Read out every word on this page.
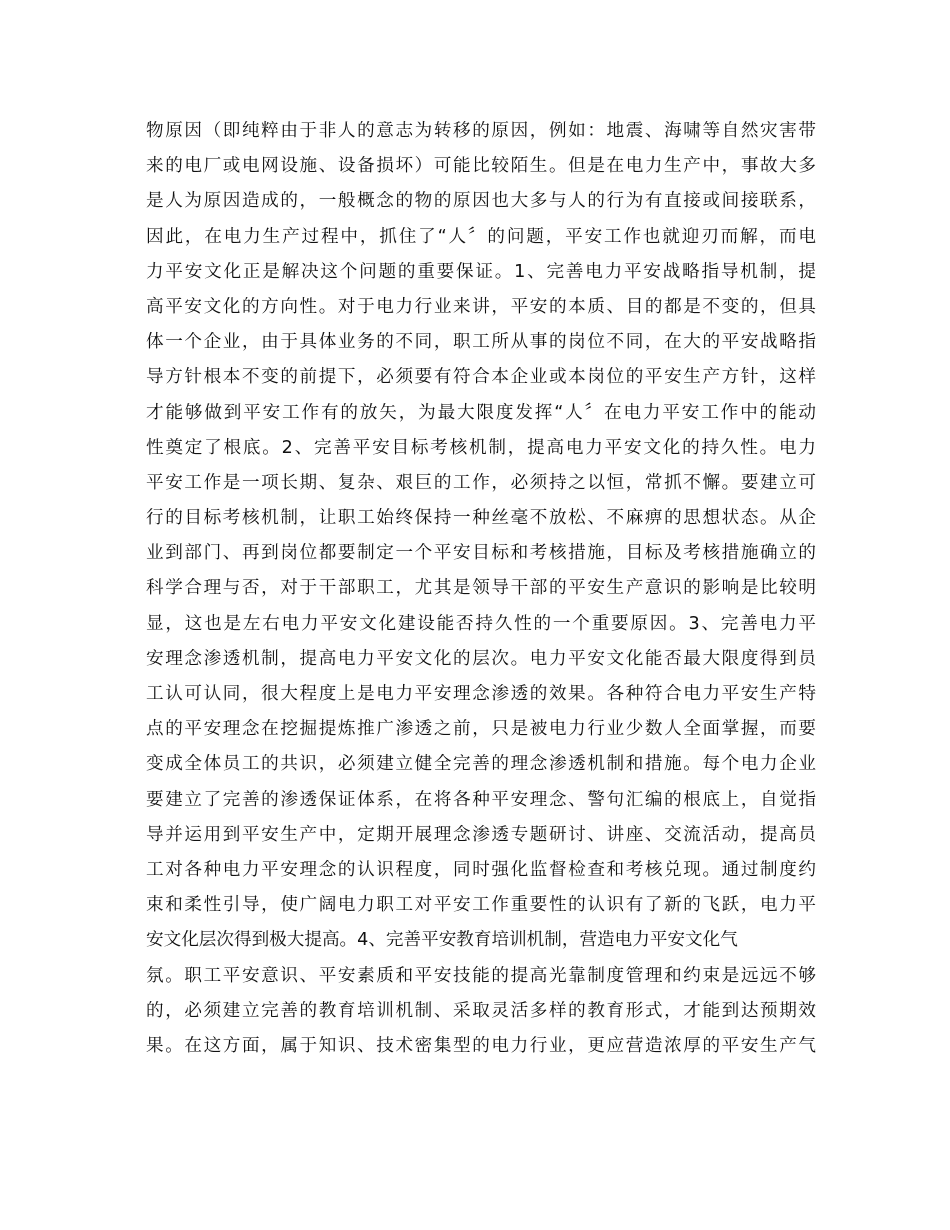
物原因（即纯粹由于非人的意志为转移的原因，例如：地震、海啸等自然灾害带
来的电厂或电网设施、设备损坏）可能比较陌生。但是在电力生产中，事故大多
是人为原因造成的，一般概念的物的原因也大多与人的行为有直接或间接联系，
因此，在电力生产过程中，抓住了“人〞的问题，平安工作也就迎刃而解，而电
力平安文化正是解决这个问题的重要保证。1、完善电力平安战略指导机制，提
高平安文化的方向性。对于电力行业来讲，平安的本质、目的都是不变的，但具
体一个企业，由于具体业务的不同，职工所从事的岗位不同，在大的平安战略指
导方针根本不变的前提下，必须要有符合本企业或本岗位的平安生产方针，这样
才能够做到平安工作有的放矢，为最大限度发挥“人〞在电力平安工作中的能动
性奠定了根底。2、完善平安目标考核机制，提高电力平安文化的持久性。电力
平安工作是一项长期、复杂、艰巨的工作，必须持之以恒，常抓不懈。要建立可
行的目标考核机制，让职工始终保持一种丝毫不放松、不麻痹的思想状态。从企
业到部门、再到岗位都要制定一个平安目标和考核措施，目标及考核措施确立的
科学合理与否，对于干部职工，尤其是领导干部的平安生产意识的影响是比较明
显，这也是左右电力平安文化建设能否持久性的一个重要原因。3、完善电力平
安理念渗透机制，提高电力平安文化的层次。电力平安文化能否最大限度得到员
工认可认同，很大程度上是电力平安理念渗透的效果。各种符合电力平安生产特
点的平安理念在挖掘提炼推广渗透之前，只是被电力行业少数人全面掌握，而要
变成全体员工的共识，必须建立健全完善的理念渗透机制和措施。每个电力企业
要建立了完善的渗透保证体系，在将各种平安理念、警句汇编的根底上，自觉指
导并运用到平安生产中，定期开展理念渗透专题研讨、讲座、交流活动，提高员
工对各种电力平安理念的认识程度，同时强化监督检查和考核兑现。通过制度约
束和柔性引导，使广阔电力职工对平安工作重要性的认识有了新的飞跃，电力平
安文化层次得到极大提高。4、完善平安教育培训机制，营造电力平安文化气
氛。职工平安意识、平安素质和平安技能的提高光靠制度管理和约束是远远不够
的，必须建立完善的教育培训机制、采取灵活多样的教育形式，才能到达预期效
果。在这方面，属于知识、技术密集型的电力行业，更应营造浓厚的平安生产气
